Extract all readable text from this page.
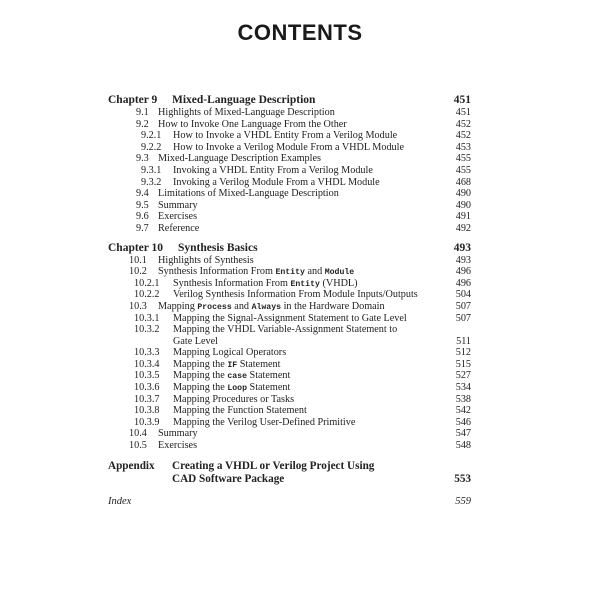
CONTENTS
Chapter 9 Mixed-Language Description	451
9.1 Highlights of Mixed-Language Description	451
9.2 How to Invoke One Language From the Other	452
9.2.1 How to Invoke a VHDL Entity From a Verilog Module	452
9.2.2 How to Invoke a Verilog Module From a VHDL Module	453
9.3 Mixed-Language Description Examples	455
9.3.1 Invoking a VHDL Entity From a Verilog Module	455
9.3.2 Invoking a Verilog Module From a VHDL Module	468
9.4 Limitations of Mixed-Language Description	490
9.5 Summary	490
9.6 Exercises	491
9.7 Reference	492
Chapter 10 Synthesis Basics	493
10.1 Highlights of Synthesis	493
10.2 Synthesis Information From Entity and Module	496
10.2.1 Synthesis Information From Entity (VHDL)	496
10.2.2 Verilog Synthesis Information From Module Inputs/Outputs	504
10.3 Mapping Process and Always in the Hardware Domain	507
10.3.1 Mapping the Signal-Assignment Statement to Gate Level	507
10.3.2 Mapping the VHDL Variable-Assignment Statement to
Gate Level	511
10.3.3 Mapping Logical Operators	512
10.3.4 Mapping the IF Statement	515
10.3.5 Mapping the case Statement	527
10.3.6 Mapping the Loop Statement	534
10.3.7 Mapping Procedures or Tasks	538
10.3.8 Mapping the Function Statement	542
10.3.9 Mapping the Verilog User-Defined Primitive	546
10.4 Summary	547
10.5 Exercises	548
Appendix Creating a VHDL or Verilog Project Using
CAD Software Package	553
Index	559
